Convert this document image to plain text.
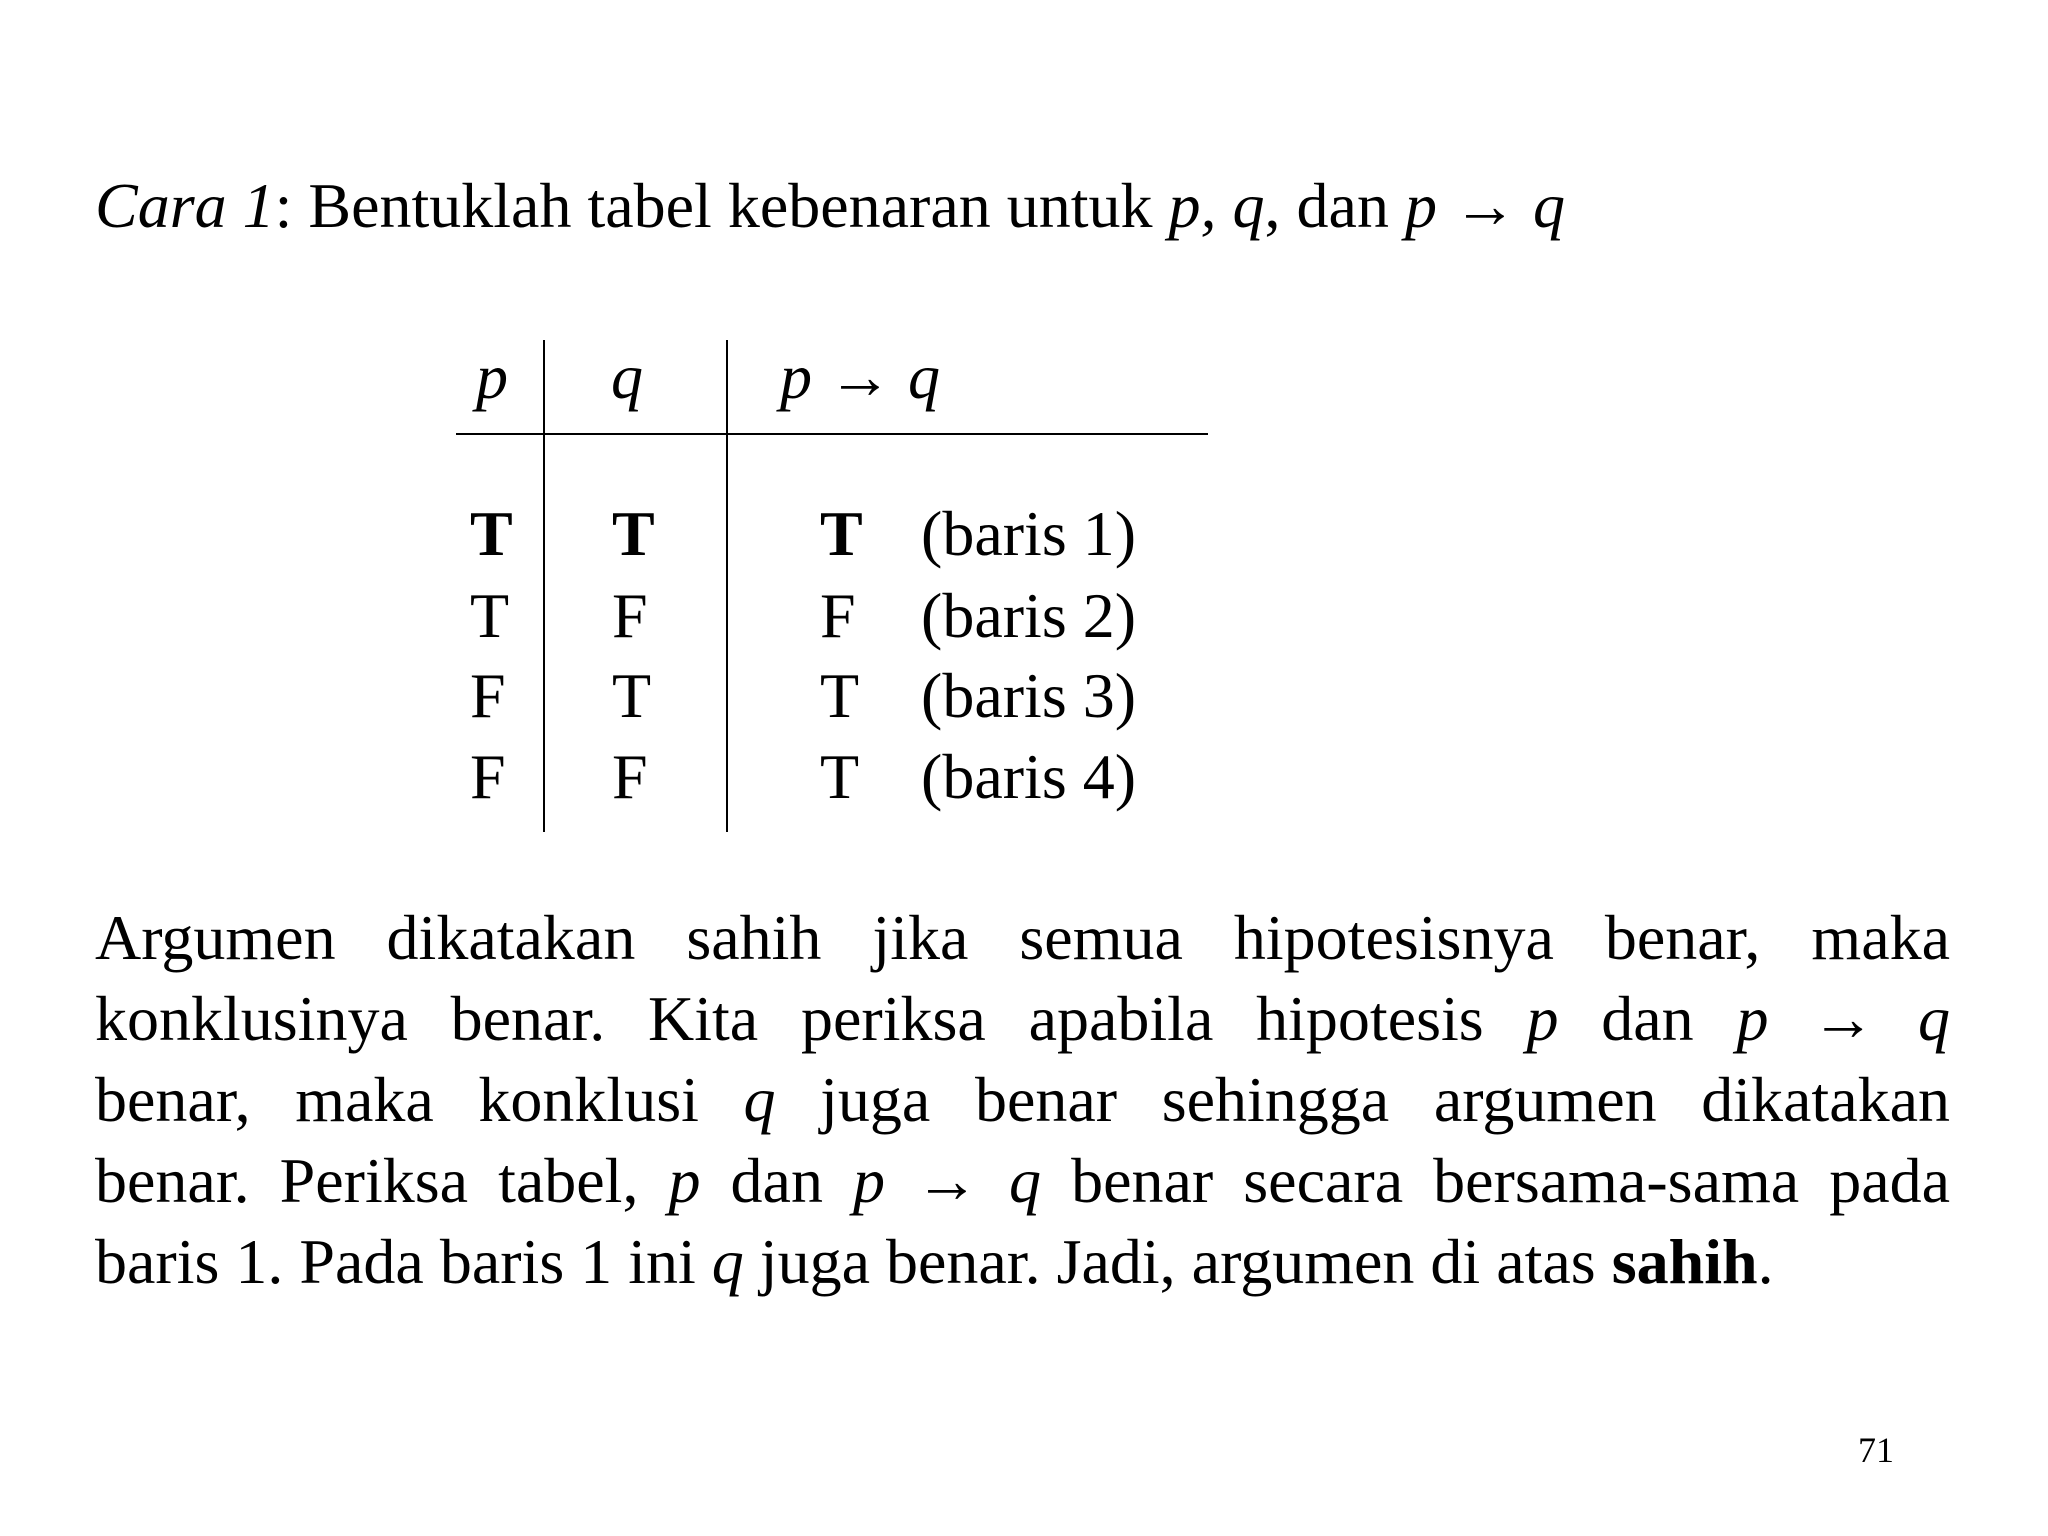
Cara 1: Bentuklah tabel kebenaran untuk p, q, dan p → q
p q p → q
T T	T (baris 1)
T F	F (baris 2)
F T	T (baris 3)
F F	T (baris 4)
Argumen dikatakan sahih jika semua hipotesisnya benar, maka
konklusinya benar. Kita periksa apabila hipotesis p dan p → q
benar, maka konklusi q juga benar sehingga argumen dikatakan
benar. Periksa tabel, p dan p → q benar secara bersama-sama pada
baris 1. Pada baris 1 ini q juga benar. Jadi, argumen di atas sahih.
71
